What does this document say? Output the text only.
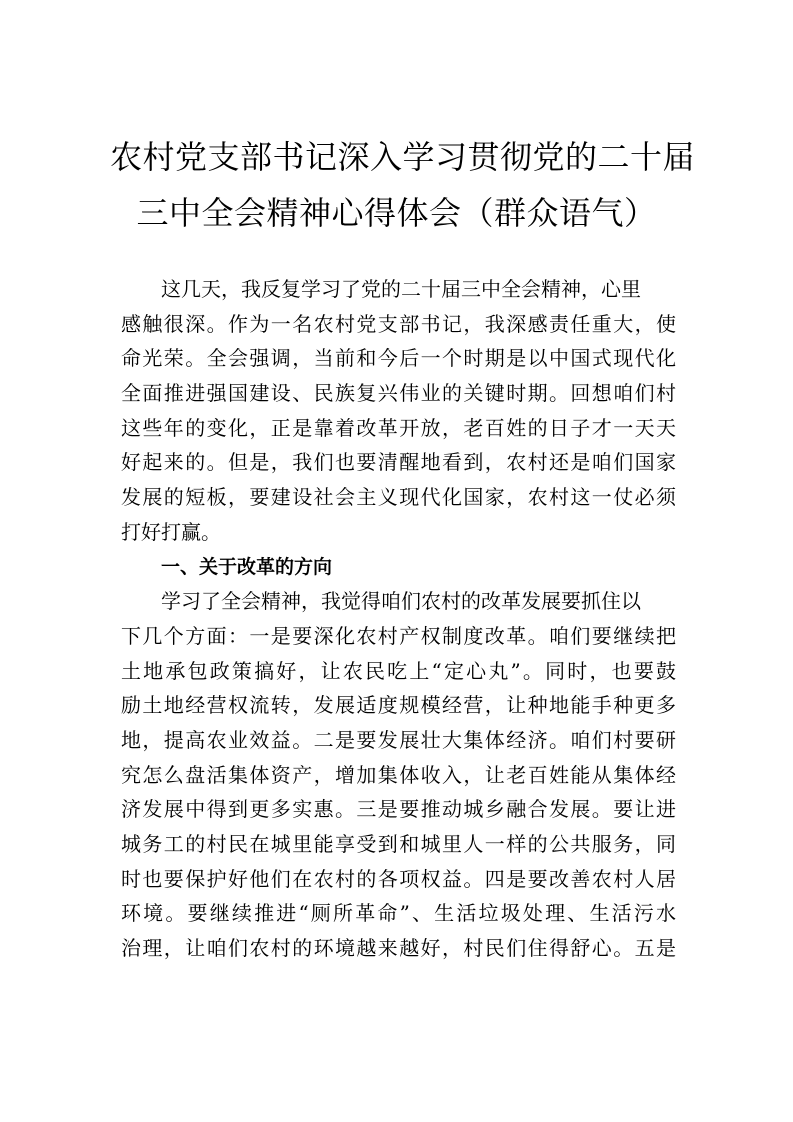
农村党支部书记深入学习贯彻党的二十届
三中全会精神心得体会（群众语气）
这几天，我反复学习了党的二十届三中全会精神，心里
感触很深。作为一名农村党支部书记，我深感责任重大，使
命光荣。全会强调，当前和今后一个时期是以中国式现代化
全面推进强国建设、民族复兴伟业的关键时期。回想咱们村
这些年的变化，正是靠着改革开放，老百姓的日子才一天天
好起来的。但是，我们也要清醒地看到，农村还是咱们国家
发展的短板，要建设社会主义现代化国家，农村这一仗必须
打好打赢。
一、关于改革的方向
学习了全会精神，我觉得咱们农村的改革发展要抓住以
下几个方面：一是要深化农村产权制度改革。咱们要继续把
土地承包政策搞好，让农民吃上“定心丸”。同时，也要鼓
励土地经营权流转，发展适度规模经营，让种地能手种更多
地，提高农业效益。二是要发展壮大集体经济。咱们村要研
究怎么盘活集体资产，增加集体收入，让老百姓能从集体经
济发展中得到更多实惠。三是要推动城乡融合发展。要让进
城务工的村民在城里能享受到和城里人一样的公共服务，同
时也要保护好他们在农村的各项权益。四是要改善农村人居
环境。要继续推进“厕所革命”、生活垃圾处理、生活污水
治理，让咱们农村的环境越来越好，村民们住得舒心。五是
